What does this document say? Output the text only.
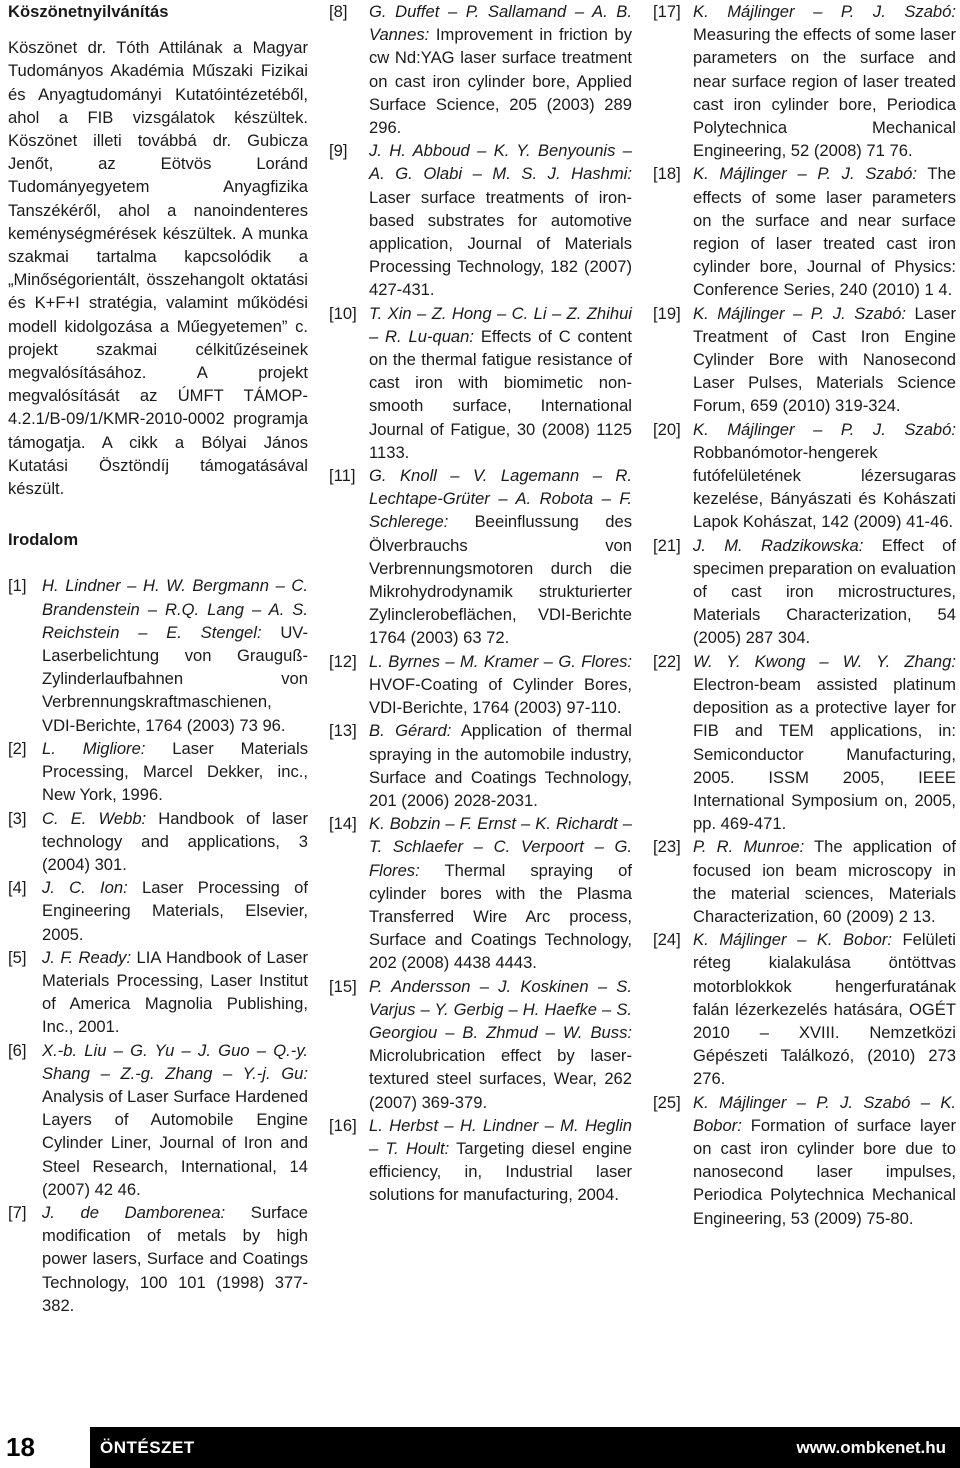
Köszönetnyilvánítás

Köszönet dr. Tóth Attilának a Magyar Tudományos Akadémia Műszaki Fizikai és Anyagtudományi Kutatóintézetéből, ahol a FIB vizsgálatok készültek. Köszönet illeti továbbá dr. Gubicza Jenőt, az Eötvös Loránd Tudományegyetem Anyagfizika Tanszékéről, ahol a nanoindenteres keménységmérések készültek. A munka szakmai tartalma kapcsolódik a „Minőségorientált, összehangolt oktatási és K+F+I stratégia, valamint működési modell kidolgozása a Műegyetemen” c. projekt szakmai célkitűzéseinek megvalósításához. A projekt megvalósítását az ÚMFT TÁMOP-4.2.1/B-09/1/KMR-2010-0002 programja támogatja. A cikk a Bólyai János Kutatási Ösztöndíj támogatásával készült.

Irodalom
[1] H. Lindner – H. W. Bergmann – C. Brandenstein – R.Q. Lang – A. S. Reichstein – E. Stengel: UV-Laserbelichtung von Grauguß-Zylinderlaufbahnen von Verbrennungskraftmaschienen, VDI-Berichte, 1764 (2003) 73 96.
[2] L. Migliore: Laser Materials Processing, Marcel Dekker, inc., New York, 1996.
[3] C. E. Webb: Handbook of laser technology and applications, 3 (2004) 301.
[4] J. C. Ion: Laser Processing of Engineering Materials, Elsevier, 2005.
[5] J. F. Ready: LIA Handbook of Laser Materials Processing, Laser Institut of America Magnolia Publishing, Inc., 2001.
[6] X.-b. Liu – G. Yu – J. Guo – Q.-y. Shang – Z.-g. Zhang – Y.-j. Gu: Analysis of Laser Surface Hardened Layers of Automobile Engine Cylinder Liner, Journal of Iron and Steel Research, International, 14 (2007) 42 46.
[7] J. de Damborenea: Surface modification of metals by high power lasers, Surface and Coatings Technology, 100 101 (1998) 377-382.
[8]	G. Duffet – P. Sallamand – A. B. Vannes: Improvement in friction by cw Nd:YAG laser surface treatment on cast iron cylinder bore, Applied Surface Science, 205 (2003) 289 296.
[9]	J. H. Abboud – K. Y. Benyounis – A. G. Olabi – M. S. J. Hashmi: Laser surface treatments of iron-based substrates for automotive application, Journal of Materials Processing Technology, 182 (2007) 427-431.
[10] T. Xin – Z. Hong – C. Li – Z. Zhihui – R. Lu-quan: Effects of C content on the thermal fatigue resistance of cast iron with biomimetic non-smooth surface, International Journal of Fatigue, 30 (2008) 1125 1133.
[11] G. Knoll – V. Lagemann – R. Lechtape-Grüter – A. Robota – F. Schlerege: Beeinflussung des Ölverbrauchs von Verbrennungsmotoren durch die Mikrohydrodynamik strukturierter Zylinclerobeflächen, VDI-Berichte 1764 (2003) 63 72.
[12] L. Byrnes – M. Kramer – G. Flores: HVOF-Coating of Cylinder Bores, VDI-Berichte, 1764 (2003) 97-110.
[13] B. Gérard: Application of thermal spraying in the automobile industry, Surface and Coatings Technology, 201 (2006) 2028-2031.
[14] K. Bobzin – F. Ernst – K. Richardt – T. Schlaefer – C. Verpoort – G. Flores: Thermal spraying of cylinder bores with the Plasma Transferred Wire Arc process, Surface and Coatings Technology, 202 (2008) 4438 4443.
[15] P. Andersson – J. Koskinen – S. Varjus – Y. Gerbig – H. Haefke – S. Georgiou – B. Zhmud – W. Buss: Microlubrication effect by laser-textured steel surfaces, Wear, 262 (2007) 369-379.
[16] L. Herbst – H. Lindner – M. Heglin – T. Hoult: Targeting diesel engine efficiency, in, Industrial laser solutions for manufacturing, 2004.
[17] K. Májlinger – P. J. Szabó: Measuring the effects of some laser parameters on the surface and near surface region of laser treated cast iron cylinder bore, Periodica Polytechnica Mechanical Engineering, 52 (2008) 71 76.
[18] K. Májlinger – P. J. Szabó: The effects of some laser parameters on the surface and near surface region of laser treated cast iron cylinder bore, Journal of Physics: Conference Series, 240 (2010) 1 4.
[19] K. Májlinger – P. J. Szabó: Laser Treatment of Cast Iron Engine Cylinder Bore with Nanosecond Laser Pulses, Materials Science Forum, 659 (2010) 319-324.
[20] K. Májlinger – P. J. Szabó: Robbanómotor-hengerek futófelületének lézersugaras kezelése, Bányászati és Kohászati Lapok Kohászat, 142 (2009) 41-46.
[21] J. M. Radzikowska: Effect of specimen preparation on evaluation of cast iron microstructures, Materials Characterization, 54 (2005) 287 304.
[22] W. Y. Kwong – W. Y. Zhang: Electron-beam assisted platinum deposition as a protective layer for FIB and TEM applications, in: Semiconductor Manufacturing, 2005. ISSM 2005, IEEE International Symposium on, 2005, pp. 469-471.
[23] P. R. Munroe: The application of focused ion beam microscopy in the material sciences, Materials Characterization, 60 (2009) 2 13.
[24] K. Májlinger – K. Bobor: Felületi réteg kialakulása öntöttvas motorblokkok hengerfuratának falán lézerkezelés hatására, OGÉT 2010 – XVIII. Nemzetközi Gépészeti Találkozó, (2010) 273 276.
[25] K. Májlinger – P. J. Szabó – K. Bobor: Formation of surface layer on cast iron cylinder bore due to nanosecond laser impulses, Periodica Polytechnica Mechanical Engineering, 53 (2009) 75-80.
18	ÖNTÉSZET	www.ombkenet.hu
